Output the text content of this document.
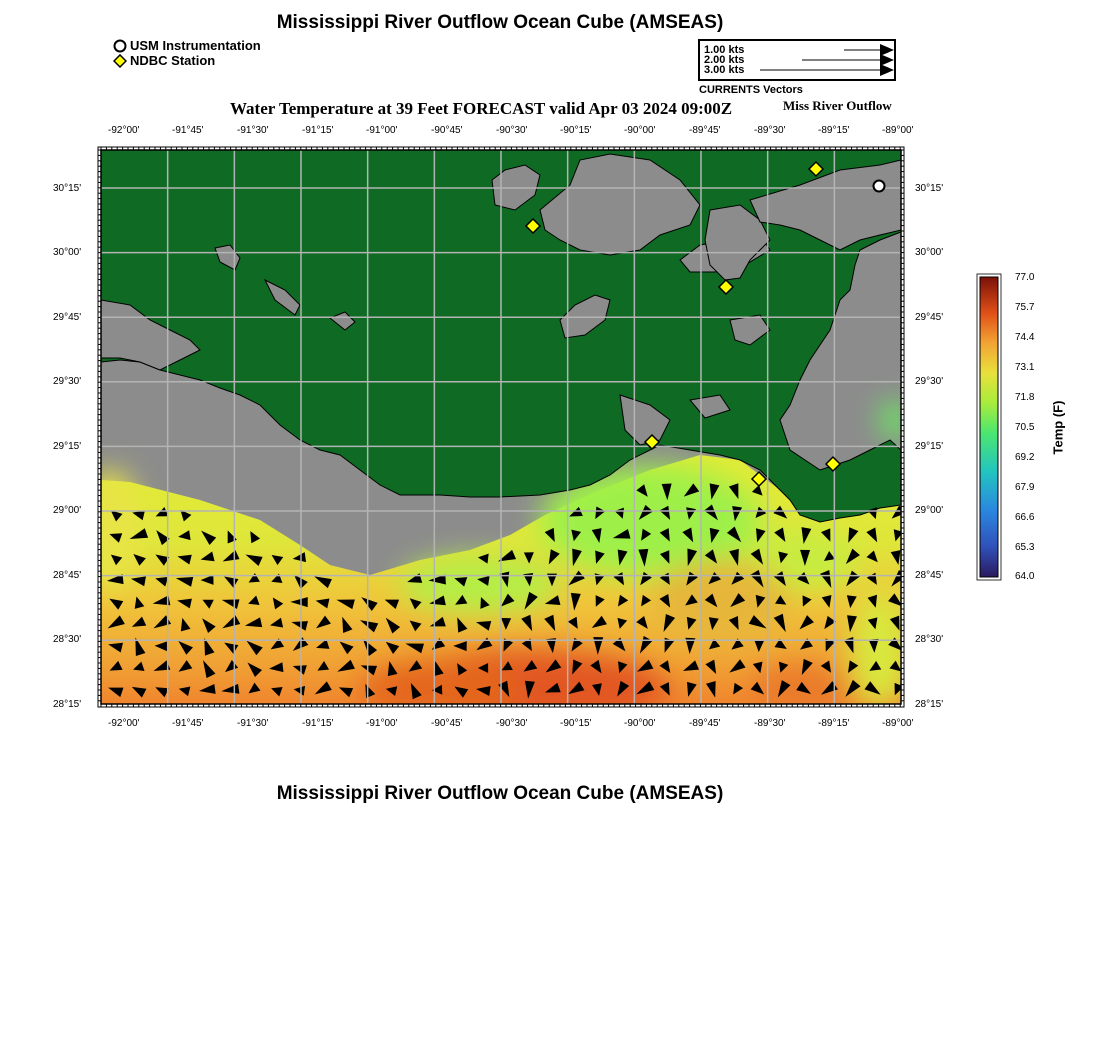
Mississippi River Outflow Ocean Cube (AMSEAS)
USM Instrumentation
NDBC Station
1.00 kts
2.00 kts
3.00 kts
CURRENTS Vectors
Water Temperature at 39 Feet FORECAST valid Apr 03 2024 09:00Z	Miss River Outflow
-92°00'	-91°45'	-91°30'	-91°15'	-91°00'	-90°45'	-90°30'	-90°15'	-90°00'	-89°45'	-89°30'	-89°15'	-89°00'
-92°00'	-91°45'	-91°30'	-91°15'	-91°00'	-90°45'	-90°30'	-90°15'	-90°00'	-89°45'	-89°30'	-89°15'	-89°00'
30°15'
30°00'
29°45'
29°30'
29°15'
29°00'
28°45'
28°30'
28°15'
30°15'
30°00'
29°45'
29°30'
29°15'
29°00'
28°45'
28°30'
28°15'
77.0
75.7
74.4
73.1
71.8
70.5
69.2
67.9
66.6
65.3
64.0
Temp (F)
Mississippi River Outflow Ocean Cube (AMSEAS)
